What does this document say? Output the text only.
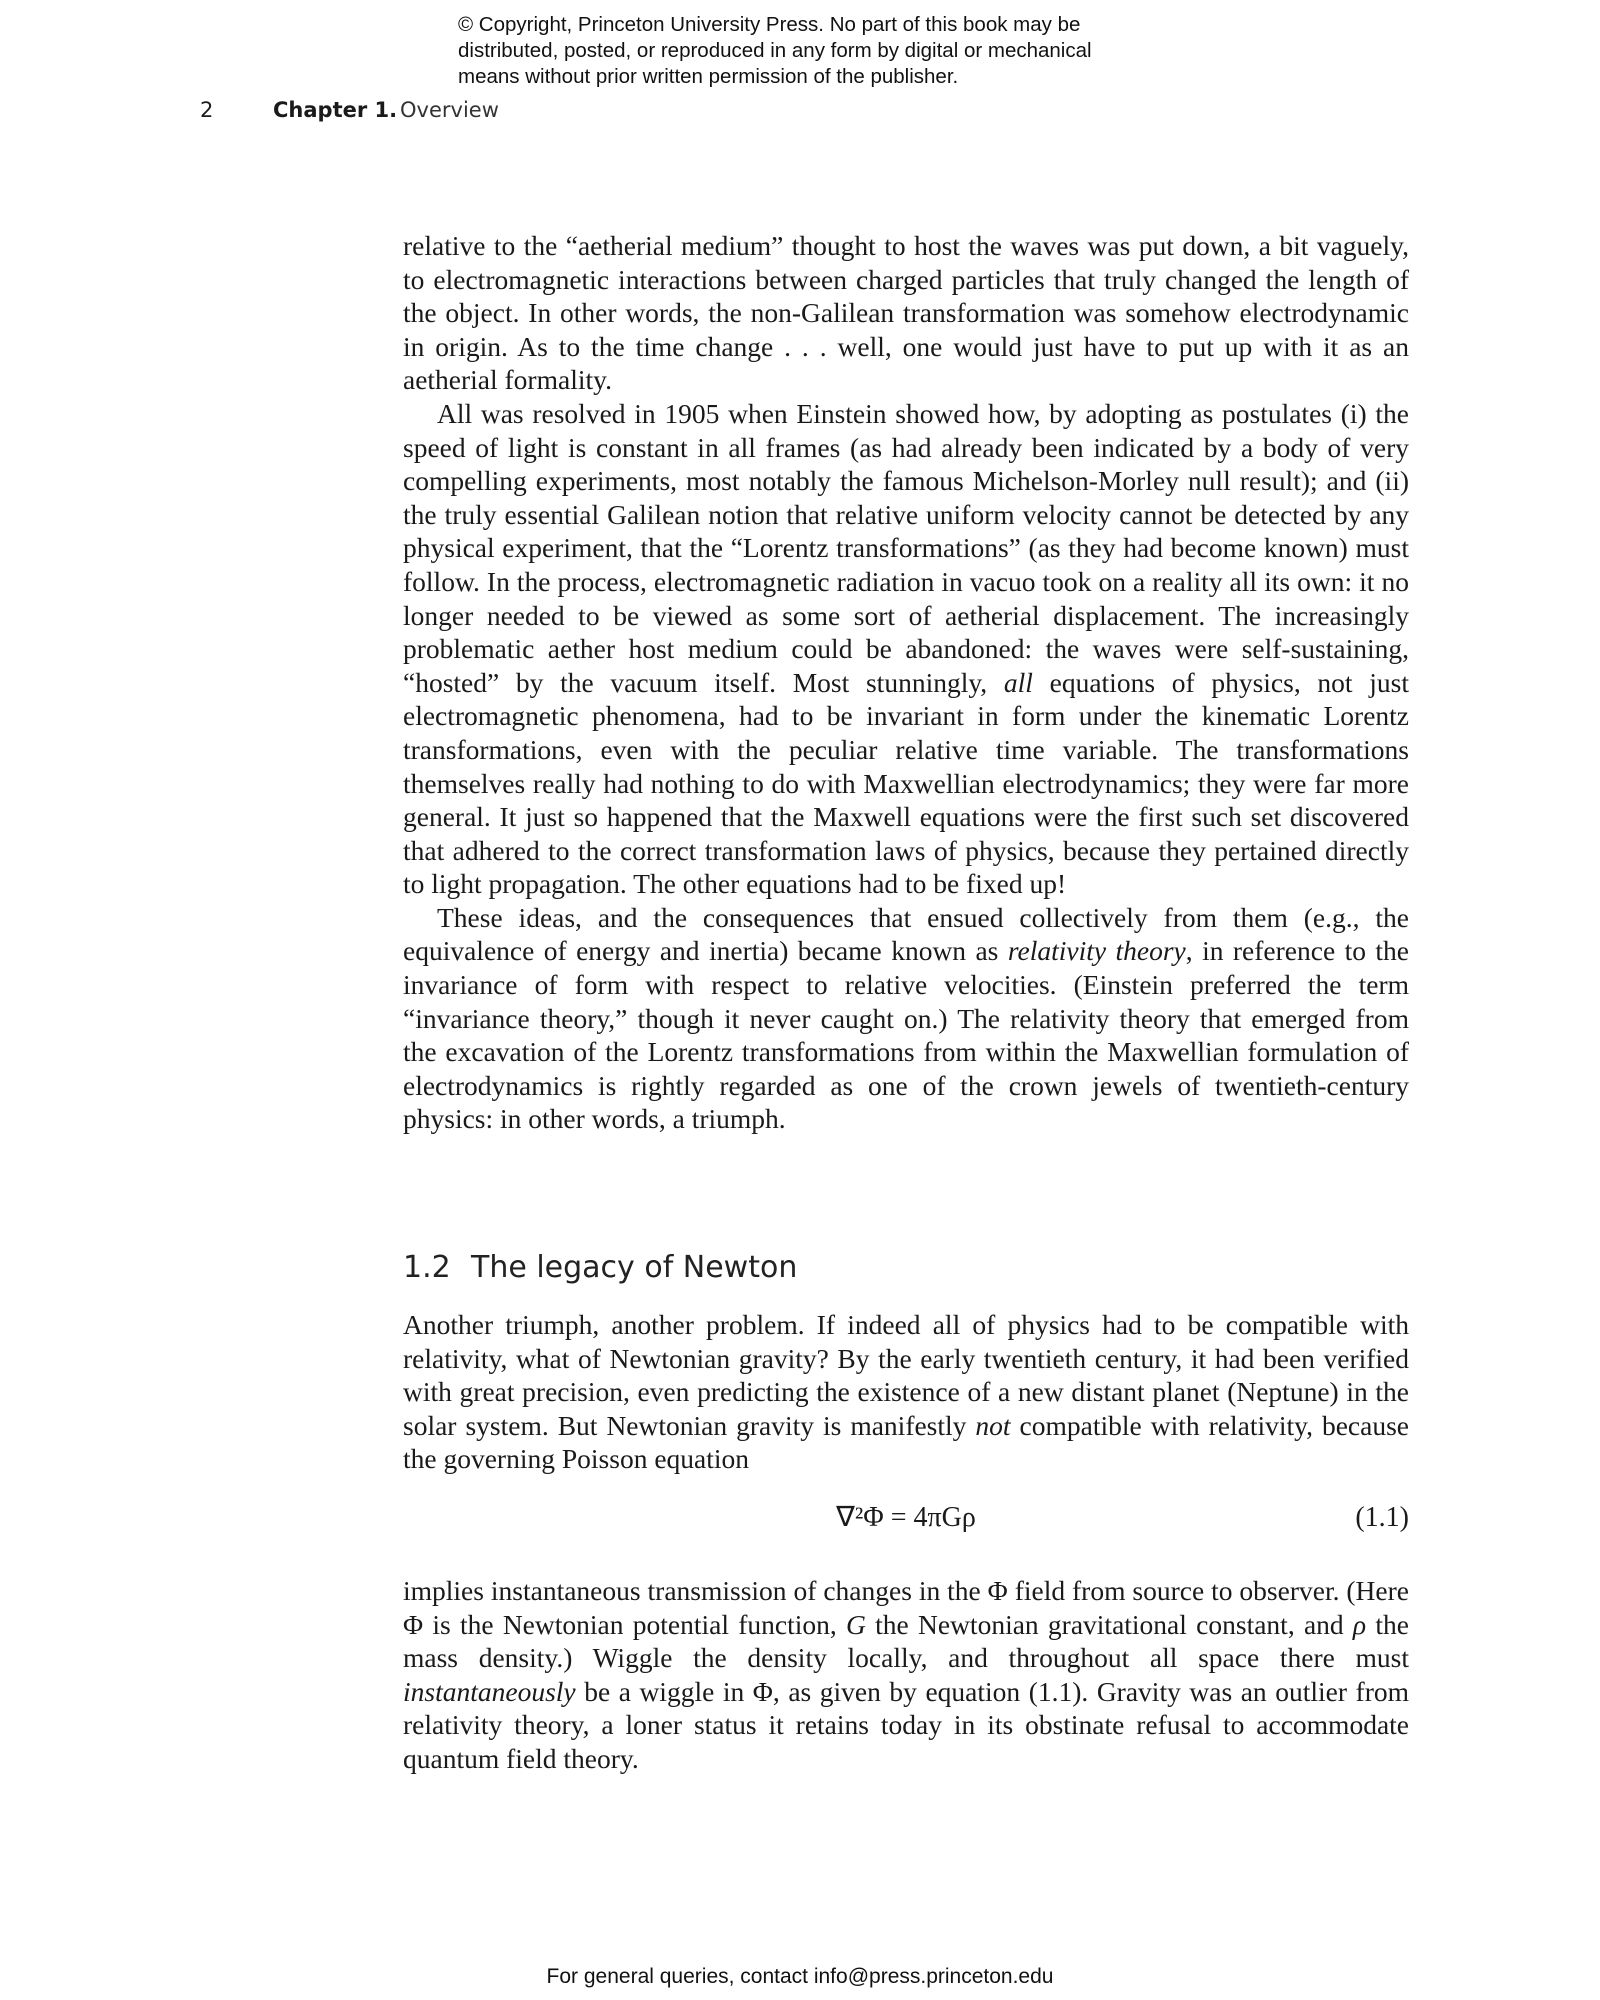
© Copyright, Princeton University Press. No part of this book may be
distributed, posted, or reproduced in any form by digital or mechanical
means without prior written permission of the publisher.
2	Chapter 1. Overview

relative to the “aetherial medium” thought to host the waves was put down, a bit vaguely, to electromagnetic interactions between charged particles that truly changed the length of the object. In other words, the non-Galilean transformation was somehow electrodynamic in origin. As to the time change . . . well, one would just have to put up with it as an aetherial formality.

All was resolved in 1905 when Einstein showed how, by adopting as postulates (i) the speed of light is constant in all frames (as had already been indicated by a body of very compelling experiments, most notably the famous Michelson-Morley null result); and (ii) the truly essential Galilean notion that relative uniform velocity cannot be detected by any physical experiment, that the “Lorentz transformations” (as they had become known) must follow. In the process, electromagnetic radiation in vacuo took on a reality all its own: it no longer needed to be viewed as some sort of aetherial displacement. The increasingly problematic aether host medium could be abandoned: the waves were self-sustaining, “hosted” by the vacuum itself. Most stunningly, all equations of physics, not just electromagnetic phenomena, had to be invariant in form under the kinematic Lorentz transformations, even with the peculiar relative time variable. The transformations themselves really had nothing to do with Maxwellian electrodynamics; they were far more general. It just so happened that the Maxwell equations were the first such set discovered that adhered to the correct transformation laws of physics, because they pertained directly to light propagation. The other equations had to be fixed up!

These ideas, and the consequences that ensued collectively from them (e.g., the equivalence of energy and inertia) became known as relativity theory, in reference to the invariance of form with respect to relative velocities. (Einstein preferred the term “invariance theory,” though it never caught on.) The relativity theory that emerged from the excavation of the Lorentz transformations from within the Maxwellian formulation of electrodynamics is rightly regarded as one of the crown jewels of twentieth-century physics: in other words, a triumph.

1.2 The legacy of Newton

Another triumph, another problem. If indeed all of physics had to be compatible with relativity, what of Newtonian gravity? By the early twentieth century, it had been verified with great precision, even predicting the existence of a new distant planet (Neptune) in the solar system. But Newtonian gravity is manifestly not compatible with relativity, because the governing Poisson equation

∇²Φ = 4πGρ	(1.1)

implies instantaneous transmission of changes in the Φ field from source to observer. (Here Φ is the Newtonian potential function, G the Newtonian gravitational constant, and ρ the mass density.) Wiggle the density locally, and throughout all space there must instantaneously be a wiggle in Φ, as given by equation (1.1). Gravity was an outlier from relativity theory, a loner status it retains today in its obstinate refusal to accommodate quantum field theory.

For general queries, contact info@press.princeton.edu
